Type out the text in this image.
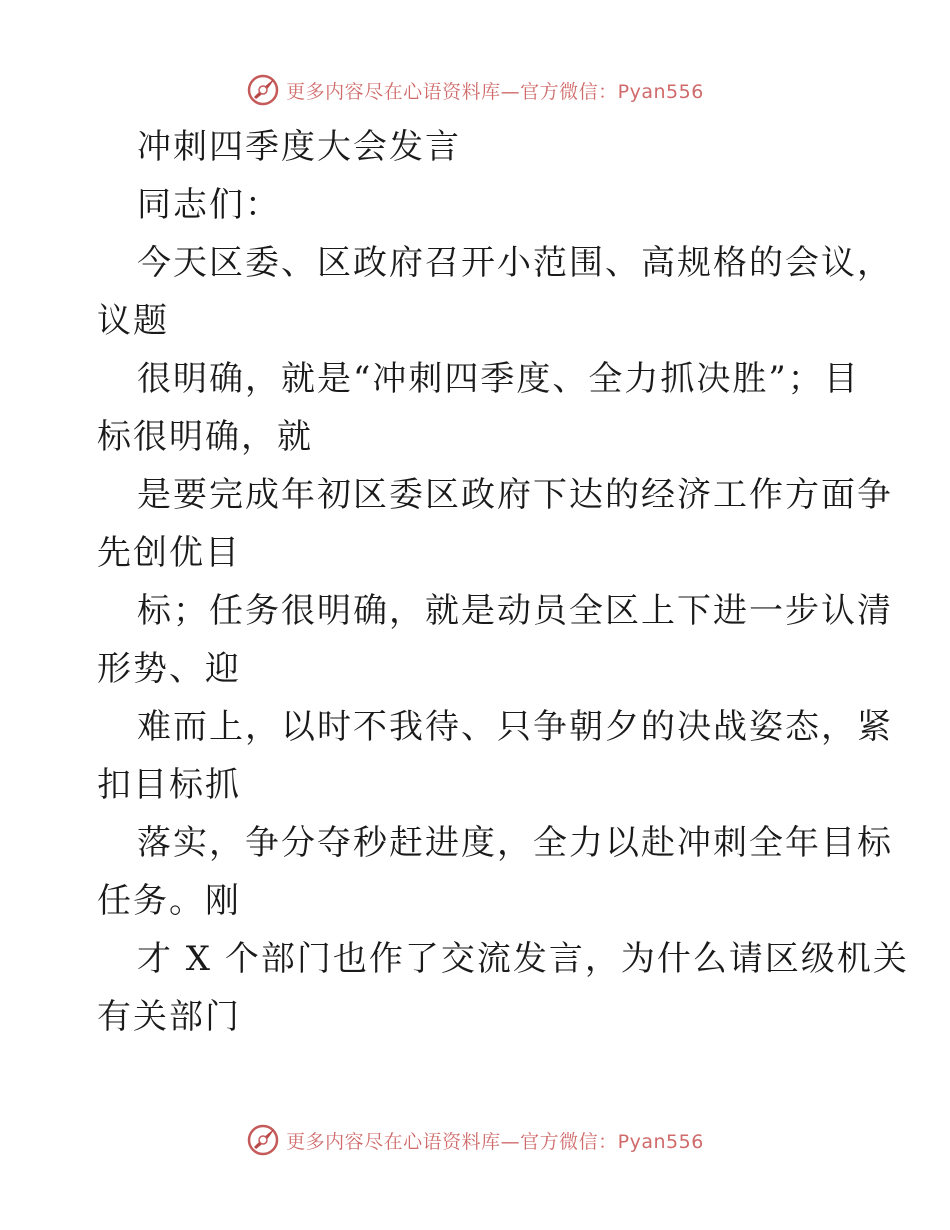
更多内容尽在心语资料库—官方微信：Pyan556
冲刺四季度大会发言
同志们：
今天区委、区政府召开小范围、高规格的会议，
议题
很明确，就是“冲刺四季度、全力抓决胜”；目
标很明确，就
是要完成年初区委区政府下达的经济工作方面争
先创优目
标；任务很明确，就是动员全区上下进一步认清
形势、迎
难而上，以时不我待、只争朝夕的决战姿态，紧
扣目标抓
落实，争分夺秒赶进度，全力以赴冲刺全年目标
任务。刚
才 X 个部门也作了交流发言，为什么请区级机关
有关部门
更多内容尽在心语资料库—官方微信：Pyan556
